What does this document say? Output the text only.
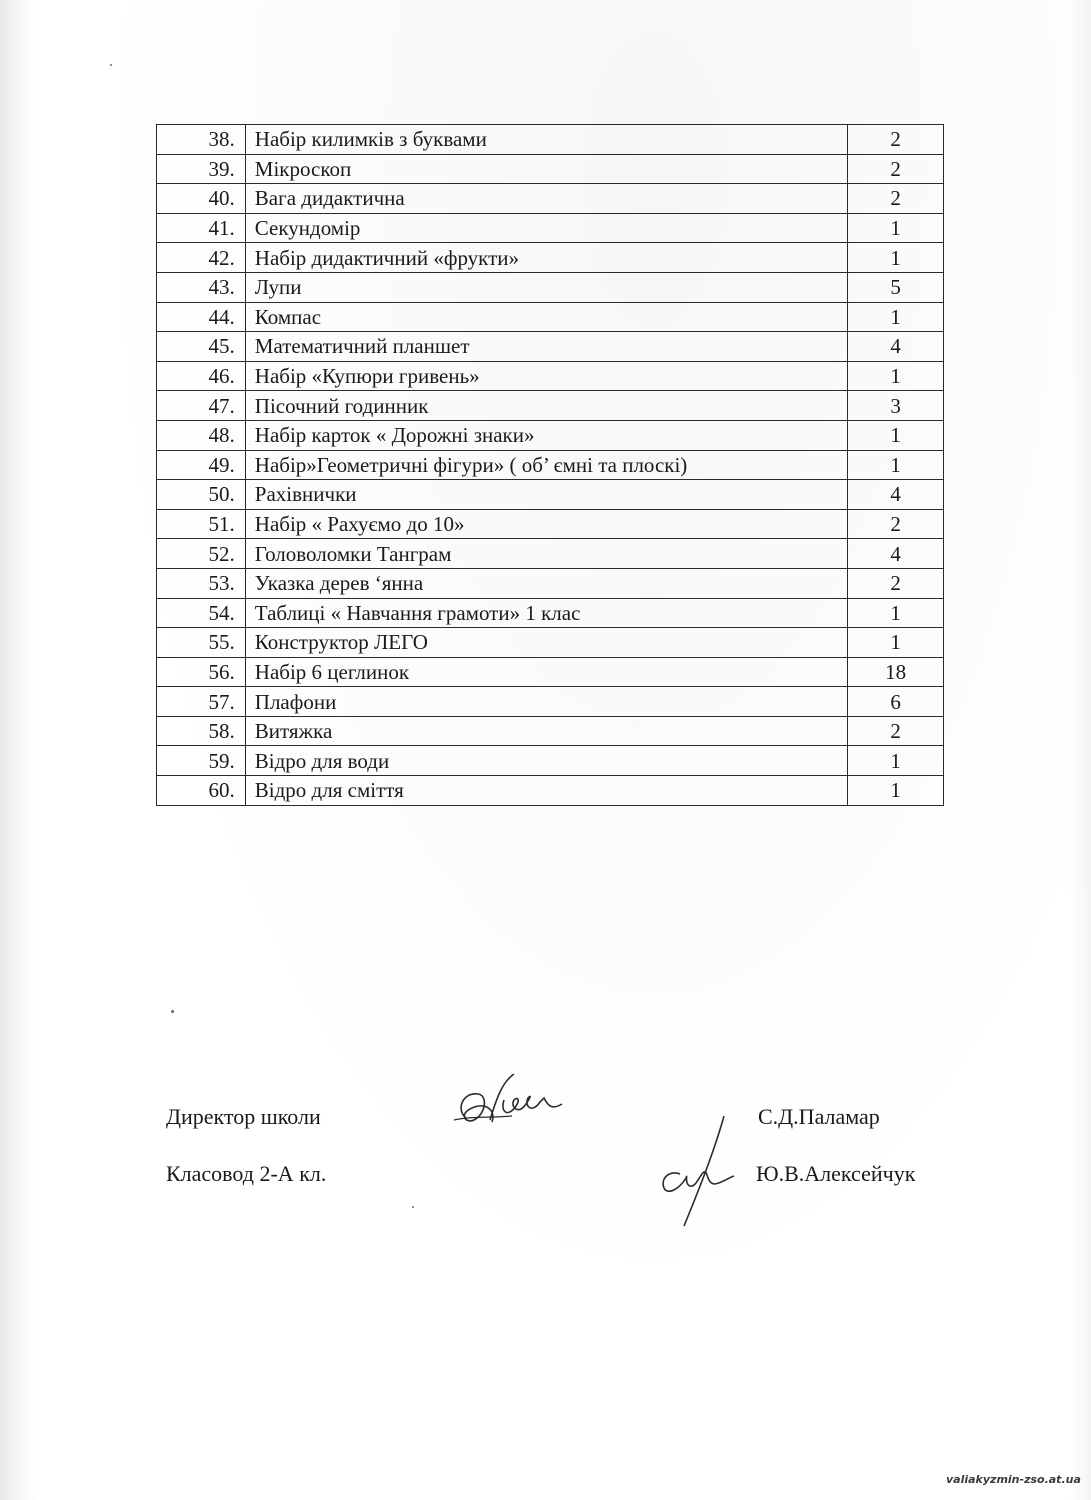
38.	Набір килимків з буквами	2
39.	Мікроскоп	2
40.	Вага дидактична	2
41.	Секундомір	1
42.	Набір дидактичний «фрукти»	1
43.	Лупи	5
44.	Компас	1
45.	Математичний планшет	4
46.	Набір «Купюри гривень»	1
47.	Пісочний годинник	3
48.	Набір карток « Дорожні знаки»	1
49.	Набір»Геометричні фігури» ( об’ ємні та плоскі)	1
50.	Рахівнички	4
51.	Набір « Рахуємо до 10»	2
52.	Головоломки Танграм	4
53.	Указка дерев ‘янна	2
54.	Таблиці « Навчання грамоти» 1 клас	1
55.	Конструктор ЛЕГО	1
56.	Набір 6 цеглинок	18
57.	Плафони	6
58.	Витяжка	2
59.	Відро для води	1
60.	Відро для сміття	1
Директор школи	С.Д.Паламар
Класовод 2-А кл.	Ю.В.Алексейчук
valiakyzmin-zso.at.ua
